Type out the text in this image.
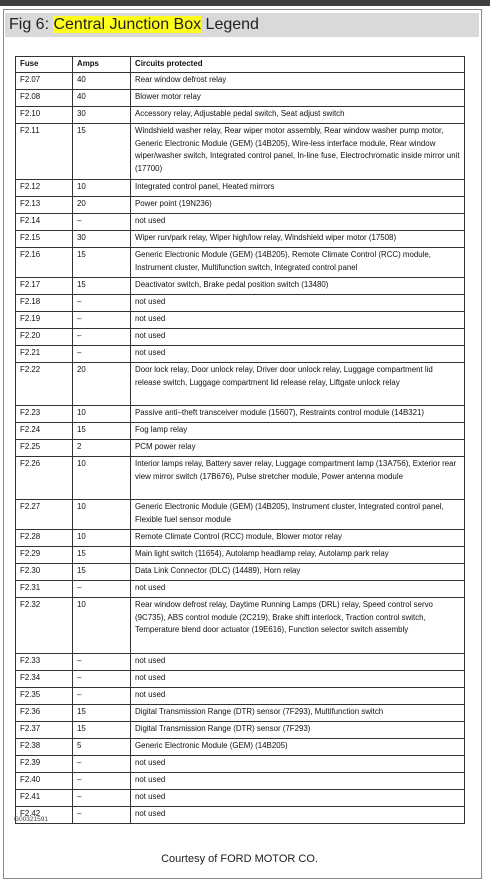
Fig 6: Central Junction Box Legend
Fuse	Amps	Circuits protected
F2.07	40	Rear window defrost relay
F2.08	40	Blower motor relay
F2.10	30	Accessory relay, Adjustable pedal switch, Seat adjust switch
F2.11	15	Windshield washer relay, Rear wiper motor assembly, Rear window washer pump motor, Generic Electronic Module (GEM) (14B205), Wire-less interface module, Rear window wiper/washer switch, Integrated control panel, In-line fuse, Electrochromatic inside mirror unit (17700)
F2.12	10	Integrated control panel, Heated mirrors
F2.13	20	Power point (19N236)
F2.14	–	not used
F2.15	30	Wiper run/park relay, Wiper high/low relay, Windshield wiper motor (17508)
F2.16	15	Generic Electronic Module (GEM) (14B205), Remote Climate Control (RCC) module, Instrument cluster, Multifunction switch, Integrated control panel
F2.17	15	Deactivator switch, Brake pedal position switch (13480)
F2.18	–	not used
F2.19	–	not used
F2.20	–	not used
F2.21	–	not used
F2.22	20	Door lock relay, Door unlock relay, Driver door unlock relay, Luggage compartment lid release switch, Luggage compartment lid release relay, Liftgate unlock relay
F2.23	10	Passive anti–theft transceiver module (15607), Restraints control module (14B321)
F2.24	15	Fog lamp relay
F2.25	2	PCM power relay
F2.26	10	Interior lamps relay, Battery saver relay, Luggage compartment lamp (13A756), Exterior rear view mirror switch (17B676), Pulse stretcher module, Power antenna module
F2.27	10	Generic Electronic Module (GEM) (14B205), Instrument cluster, Integrated control panel, Flexible fuel sensor module
F2.28	10	Remote Climate Control (RCC) module, Blower motor relay
F2.29	15	Main light switch (11654), Autolamp headlamp relay, Autolamp park relay
F2.30	15	Data Link Connector (DLC) (14489), Horn relay
F2.31	–	not used
F2.32	10	Rear window defrost relay, Daytime Running Lamps (DRL) relay, Speed control servo (9C735), ABS control module (2C219), Brake shift interlock, Traction control switch, Temperature blend door actuator (19E616), Function selector switch assembly
F2.33	–	not used
F2.34	–	not used
F2.35	–	not used
F2.36	15	Digital Transmission Range (DTR) sensor (7F293), Multifunction switch
F2.37	15	Digital Transmission Range (DTR) sensor (7F293)
F2.38	5	Generic Electronic Module (GEM) (14B205)
F2.39	–	not used
F2.40	–	not used
F2.41	–	not used
F2.42	–	not used
G00321591
Courtesy of FORD MOTOR CO.
